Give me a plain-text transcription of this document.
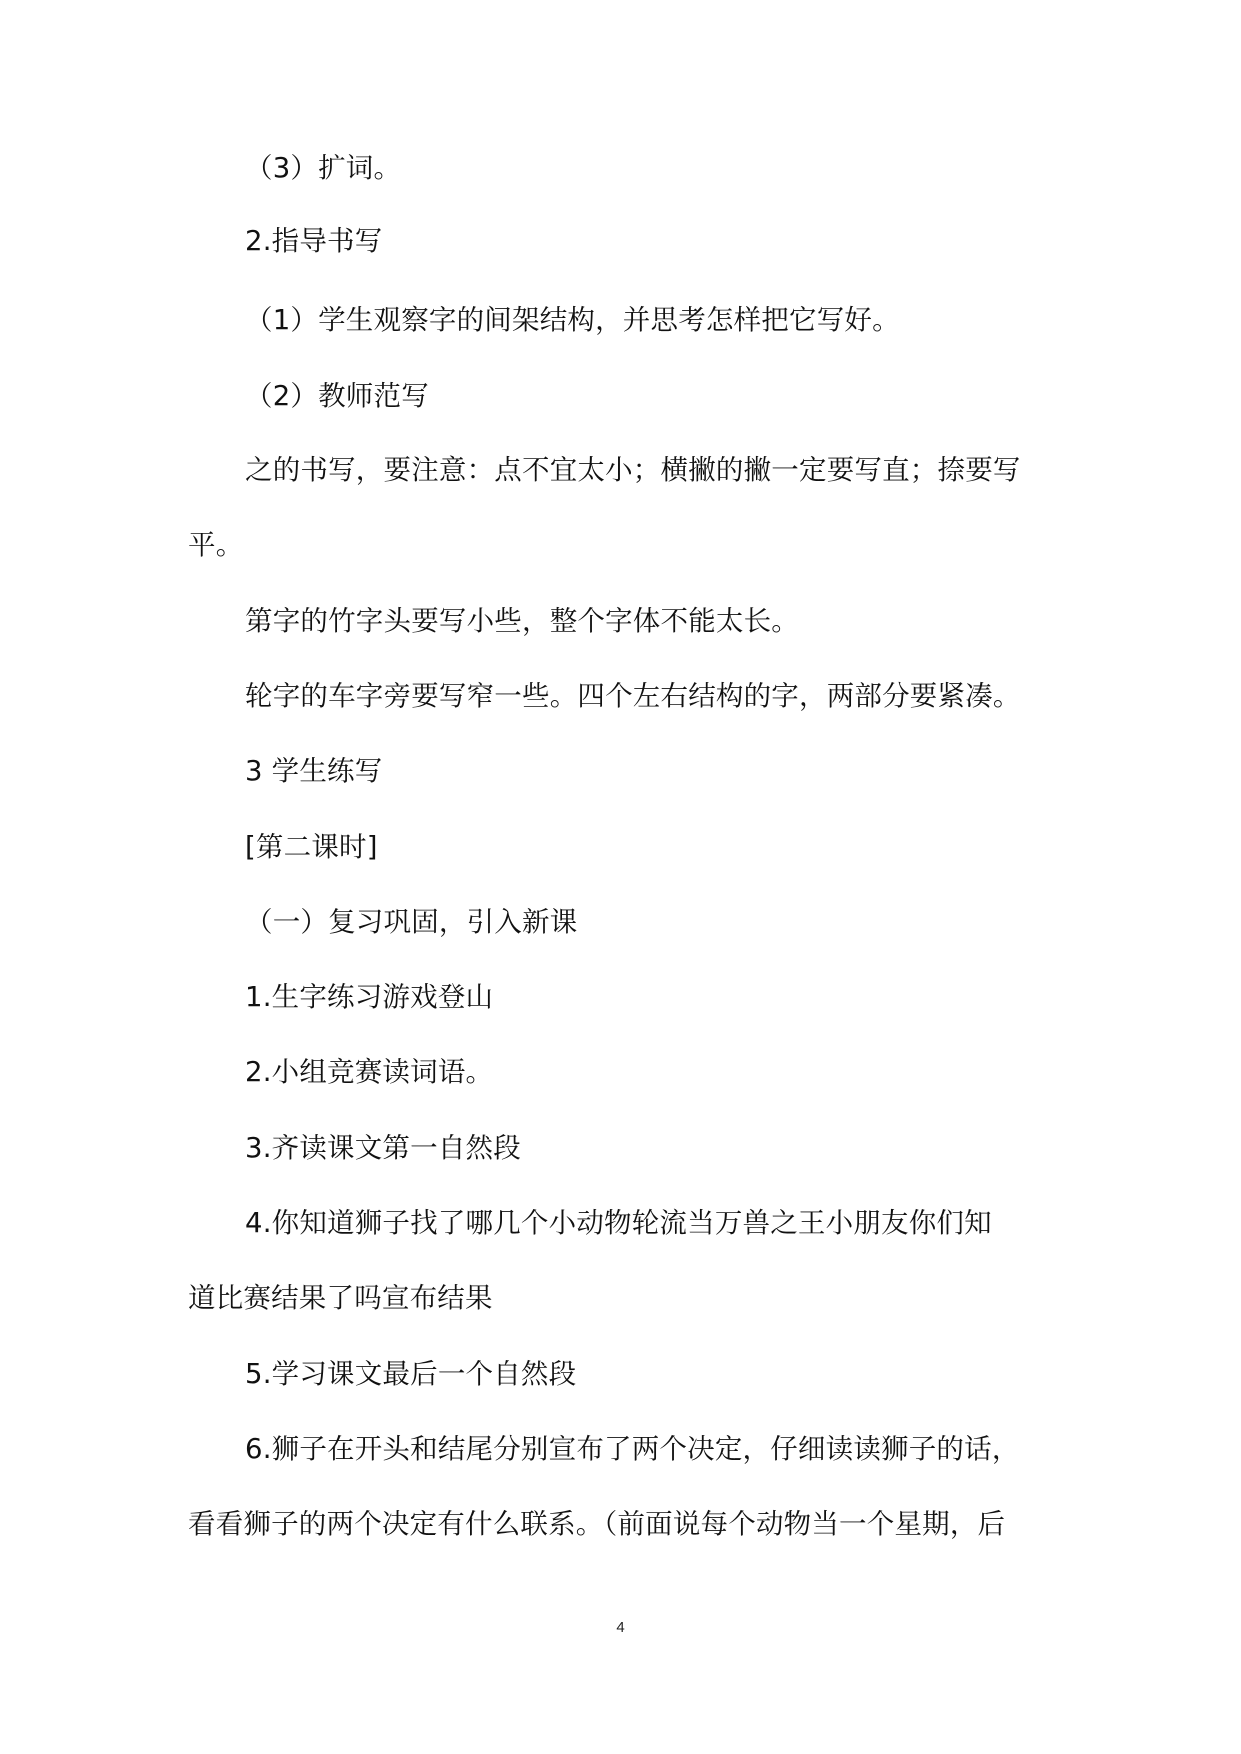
（3）扩词。
2.指导书写
（1）学生观察字的间架结构，并思考怎样把它写好。
（2）教师范写
之的书写，要注意：点不宜太小；横撇的撇一定要写直；捺要写
平。
第字的竹字头要写小些，整个字体不能太长。
轮字的车字旁要写窄一些。四个左右结构的字，两部分要紧凑。
3 学生练写
[第二课时]
（一）复习巩固，引入新课
1.生字练习游戏登山
2.小组竞赛读词语。
3.齐读课文第一自然段
4.你知道狮子找了哪几个小动物轮流当万兽之王小朋友你们知
道比赛结果了吗宣布结果
5.学习课文最后一个自然段
6.狮子在开头和结尾分别宣布了两个决定，仔细读读狮子的话，
看看狮子的两个决定有什么联系。（前面说每个动物当一个星期，后
4
